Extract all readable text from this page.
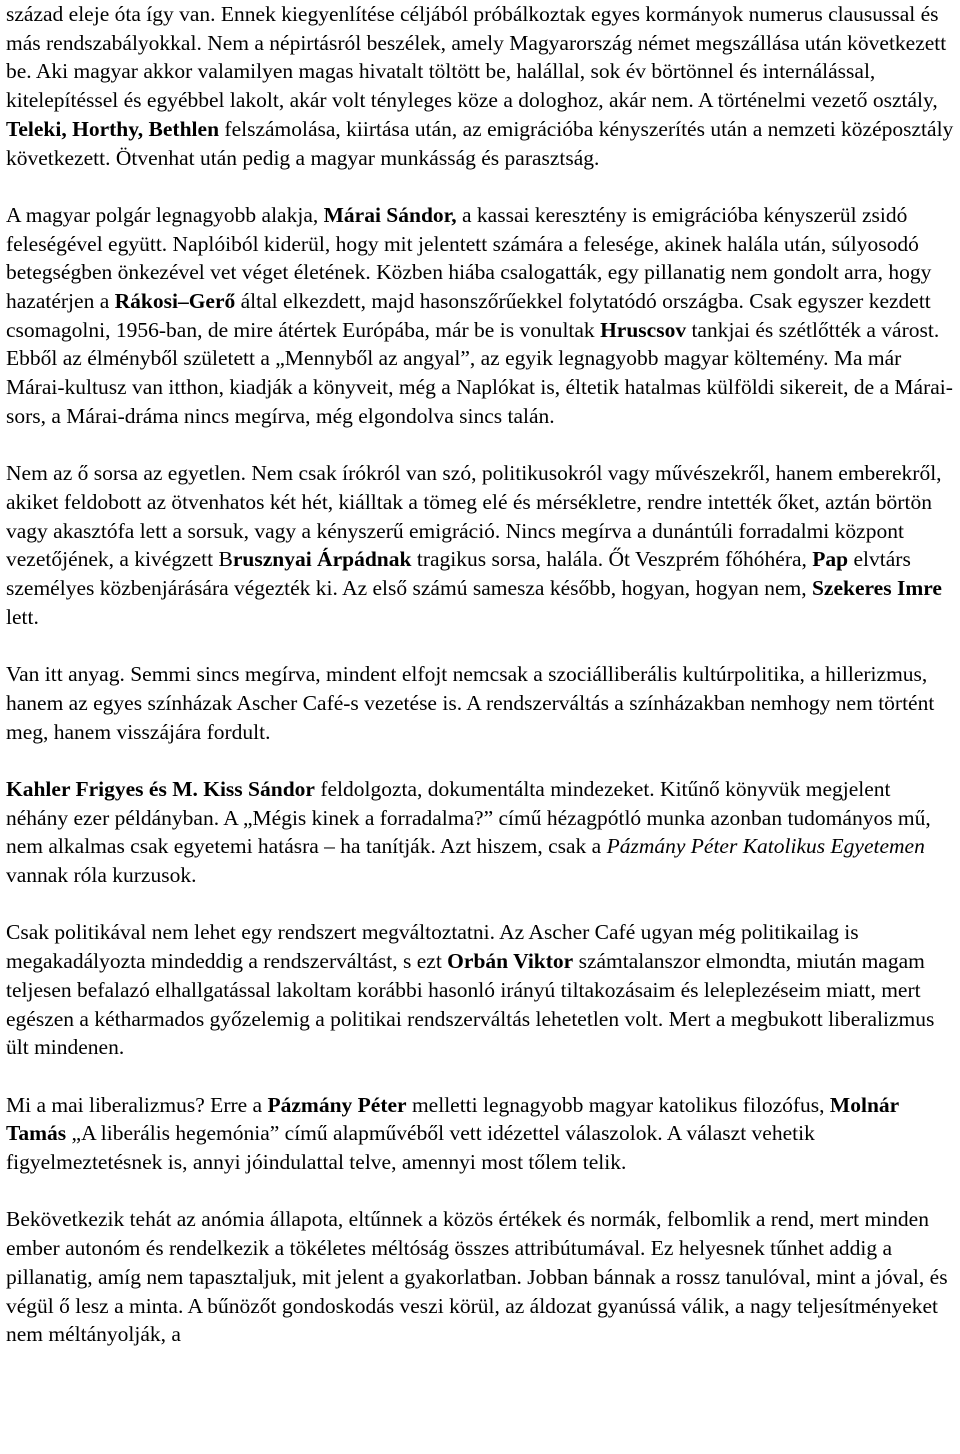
század eleje óta így van. Ennek kiegyenlítése céljából próbálkoztak egyes kormányok numerus clausussal és más rendszabályokkal. Nem a népirtásról beszélek, amely Magyarország német megszállása után következett be. Aki magyar akkor valamilyen magas hivatalt töltött be, halállal, sok év börtönnel és internálással, kitelepítéssel és egyébbel lakolt, akár volt tényleges köze a dologhoz, akár nem. A történelmi vezető osztály, Teleki, Horthy, Bethlen felszámolása, kiirtása után, az emigrációba kényszerítés után a nemzeti középosztály következett. Ötvenhat után pedig a magyar munkásság és parasztság.

A magyar polgár legnagyobb alakja, Márai Sándor, a kassai keresztény is emigrációba kényszerül zsidó feleségével együtt. Naplóiból kiderül, hogy mit jelentett számára a felesége, akinek halála után, súlyosodó betegségben önkezével vet véget életének. Közben hiába csalogatták, egy pillanatig nem gondolt arra, hogy hazatérjen a Rákosi–Gerő által elkezdett, majd hasonszőrűekkel folytatódó országba. Csak egyszer kezdett csomagolni, 1956-ban, de mire átértek Európába, már be is vonultak Hruscsov tankjai és szétlőtték a várost. Ebből az élményből született a „Mennyből az angyal”, az egyik legnagyobb magyar költemény. Ma már Márai-kultusz van itthon, kiadják a könyveit, még a Naplókat is, éltetik hatalmas külföldi sikereit, de a Márai-sors, a Márai-dráma nincs megírva, még elgondolva sincs talán.

Nem az ő sorsa az egyetlen. Nem csak írókról van szó, politikusokról vagy művészekről, hanem emberekről, akiket feldobott az ötvenhatos két hét, kiálltak a tömeg elé és mérsékletre, rendre intették őket, aztán börtön vagy akasztófa lett a sorsuk, vagy a kényszerű emigráció. Nincs megírva a dunántúli forradalmi központ vezetőjének, a kivégzett Brusznyai Árpádnak tragikus sorsa, halála. Őt Veszprém főhóhéra, Pap elvtárs személyes közbenjárására végezték ki. Az első számú samesza később, hogyan, hogyan nem, Szekeres Imre lett.

Van itt anyag. Semmi sincs megírva, mindent elfojt nemcsak a szociálliberális kultúrpolitika, a hillerizmus, hanem az egyes színházak Ascher Café-s vezetése is. A rendszerváltás a színházakban nemhogy nem történt meg, hanem visszájára fordult.

Kahler Frigyes és M. Kiss Sándor feldolgozta, dokumentálta mindezeket. Kitűnő könyvük megjelent néhány ezer példányban. A „Mégis kinek a forradalma?” című hézagpótló munka azonban tudományos mű, nem alkalmas csak egyetemi hatásra – ha tanítják. Azt hiszem, csak a Pázmány Péter Katolikus Egyetemen vannak róla kurzusok.

Csak politikával nem lehet egy rendszert megváltoztatni. Az Ascher Café ugyan még politikailag is megakadályozta mindeddig a rendszerváltást, s ezt Orbán Viktor számtalanszor elmondta, miután magam teljesen befalazó elhallgatással lakoltam korábbi hasonló irányú tiltakozásaim és leleplezéseim miatt, mert egészen a kétharmados győzelemig a politikai rendszerváltás lehetetlen volt. Mert a megbukott liberalizmus ült mindenen.

Mi a mai liberalizmus? Erre a Pázmány Péter melletti legnagyobb magyar katolikus filozófus, Molnár Tamás „A liberális hegemónia” című alapművéből vett idézettel válaszolok. A választ vehetik figyelmeztetésnek is, annyi jóindulattal telve, amennyi most tőlem telik.

Bekövetkezik tehát az anómia állapota, eltűnnek a közös értékek és normák, felbomlik a rend, mert minden ember autonóm és rendelkezik a tökéletes méltóság összes attribútumával. Ez helyesnek tűnhet addig a pillanatig, amíg nem tapasztaljuk, mit jelent a gyakorlatban. Jobban bánnak a rossz tanulóval, mint a jóval, és végül ő lesz a minta. A bűnözőt gondoskodás veszi körül, az áldozat gyanússá válik, a nagy teljesítményeket nem méltányolják, a
